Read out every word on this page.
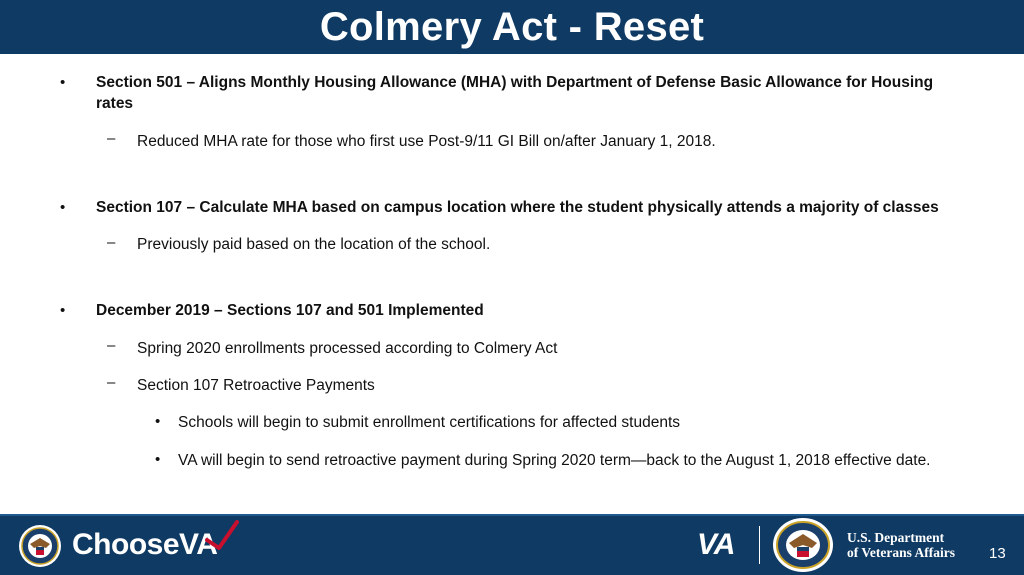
Colmery Act - Reset
• Section 501 – Aligns Monthly Housing Allowance (MHA) with Department of Defense Basic Allowance for Housing rates
– Reduced MHA rate for those who first use Post-9/11 GI Bill on/after January 1, 2018.
• Section 107 – Calculate MHA based on campus location where the student physically attends a majority of classes
– Previously paid based on the location of the school.
• December 2019 – Sections 107 and 501 Implemented
– Spring 2020 enrollments processed according to Colmery Act
– Section 107 Retroactive Payments
• Schools will begin to submit enrollment certifications for affected students
• VA will begin to send retroactive payment during Spring 2020 term—back to the August 1, 2018 effective date.
ChooseVA	VA	U.S. Department
of Veterans Affairs 13
